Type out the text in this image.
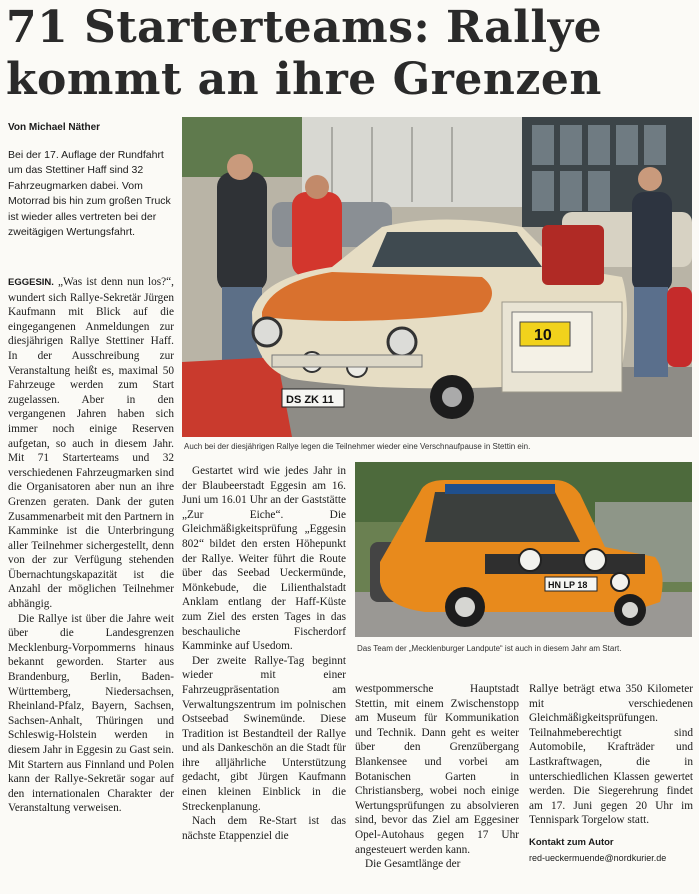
71 Starterteams: Rallye
kommt an ihre Grenzen
Von Michael Näther
Bei der 17. Auflage der Rundfahrt um das Stettiner Haff sind 32 Fahrzeugmarken dabei. Vom Motorrad bis hin zum großen Truck ist wieder alles vertreten bei der zweitägigen Wertungsfahrt.
10
DS ZK 11
Auch bei der diesjährigen Rallye legen die Teilnehmer wieder eine Verschnaufpause in Stettin ein.
HN LP 18
Das Team der „Mecklenburger Landpute“ ist auch in diesem Jahr am Start.

EGGESIN. „Was ist denn nun los?“, wundert sich Rallye-Sekretär Jürgen Kaufmann mit Blick auf die eingegangenen Anmeldungen zur diesjährigen Rallye Stettiner Haff. In der Ausschreibung zur Veranstaltung heißt es, maximal 50 Fahrzeuge werden zum Start zugelassen. Aber in den vergangenen Jahren haben sich immer noch einige Reserven aufgetan, so auch in diesem Jahr. Mit 71 Starterteams und 32 verschiedenen Fahrzeugmarken sind die Organisatoren aber nun an ihre Grenzen geraten. Dank der guten Zusammenarbeit mit den Partnern in Kamminke ist die Unterbringung aller Teilnehmer sichergestellt, denn von der zur Verfügung stehenden Übernachtungskapazität ist die Anzahl der möglichen Teilnehmer abhängig.

Die Rallye ist über die Jahre weit über die Landesgrenzen Mecklenburg-Vorpommerns hinaus bekannt geworden. Starter aus Brandenburg, Berlin, Baden-Württemberg, Niedersachsen, Rheinland-Pfalz, Bayern, Sachsen, Sachsen-Anhalt, Thüringen und Schleswig-Holstein werden in diesem Jahr in Eggesin zu Gast sein. Mit Startern aus Finnland und Polen kann der Rallye-Sekretär sogar auf den internationalen Charakter der Veranstaltung verweisen.

Gestartet wird wie jedes Jahr in der Blaubeerstadt Eggesin am 16. Juni um 16.01 Uhr an der Gaststätte „Zur Eiche“. Die Gleichmäßigkeitsprüfung „Eggesin 802“ bildet den ersten Höhepunkt der Rallye. Weiter führt die Route über das Seebad Ueckermünde, Mönkebude, die Lilienthalstadt Anklam entlang der Haff-Küste zum Ziel des ersten Tages in das beschauliche Fischerdorf Kamminke auf Usedom.

Der zweite Rallye-Tag beginnt wieder mit einer Fahrzeugpräsentation am Verwaltungszentrum im polnischen Ostseebad Swinemünde. Diese Tradition ist Bestandteil der Rallye und als Dankeschön an die Stadt für ihre alljährliche Unterstützung gedacht, gibt Jürgen Kaufmann einen kleinen Einblick in die Streckenplanung.

Nach dem Re-Start ist das nächste Etappenziel die

westpommersche Hauptstadt Stettin, mit einem Zwischenstopp am Museum für Kommunikation und Technik. Dann geht es weiter über den Grenzübergang Blankensee und vorbei am Botanischen Garten in Christiansberg, wobei noch einige Wertungsprüfungen zu absolvieren sind, bevor das Ziel am Eggesiner Opel-Autohaus gegen 17 Uhr angesteuert werden kann.

Die Gesamtlänge der

Rallye beträgt etwa 350 Kilometer mit verschiedenen Gleichmäßigkeitsprüfungen. Teilnahmeberechtigt sind Automobile, Krafträder und Lastkraftwagen, die in unterschiedlichen Klassen gewertet werden. Die Siegerehrung findet am 17. Juni gegen 20 Uhr im Tennispark Torgelow statt.

Kontakt zum Autor
red-ueckermuende@nordkurier.de
